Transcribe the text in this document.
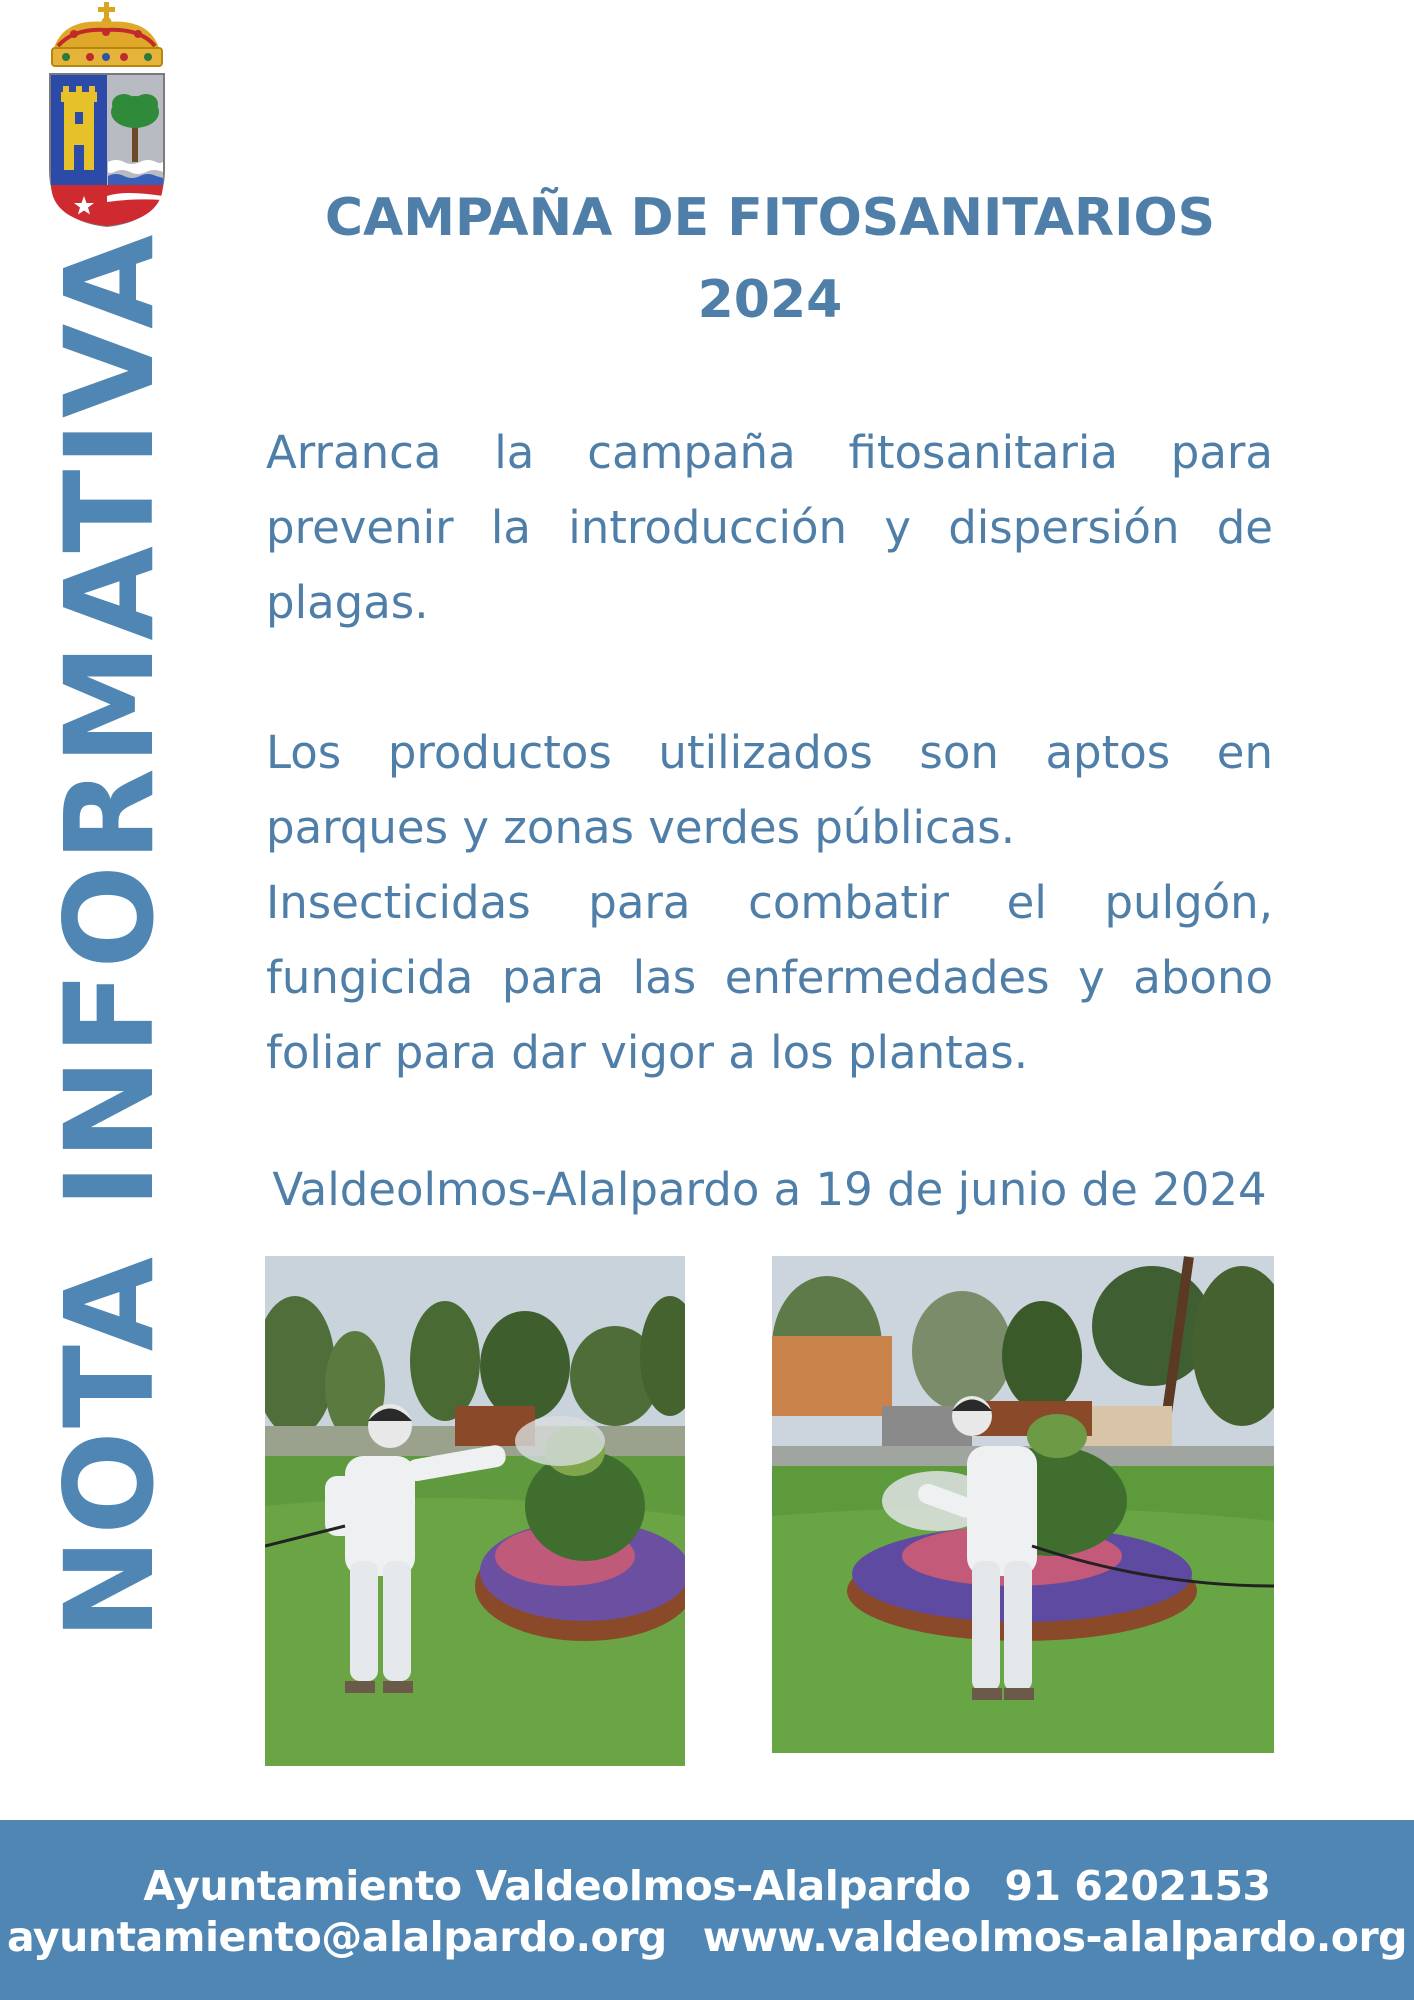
NOTA INFORMATIVA
CAMPAÑA DE FITOSANITARIOS
2024
Arranca la campaña fitosanitaria para prevenir la introducción y dispersión de plagas.
Los productos utilizados son aptos en parques y zonas verdes públicas.
Insecticidas para combatir el pulgón, fungicida para las enfermedades y abono foliar para dar vigor a los plantas.
Valdeolmos-Alalpardo a 19 de junio de 2024
Ayuntamiento Valdeolmos-Alalpardo 91 6202153
ayuntamiento@alalpardo.org www.valdeolmos-alalpardo.org
